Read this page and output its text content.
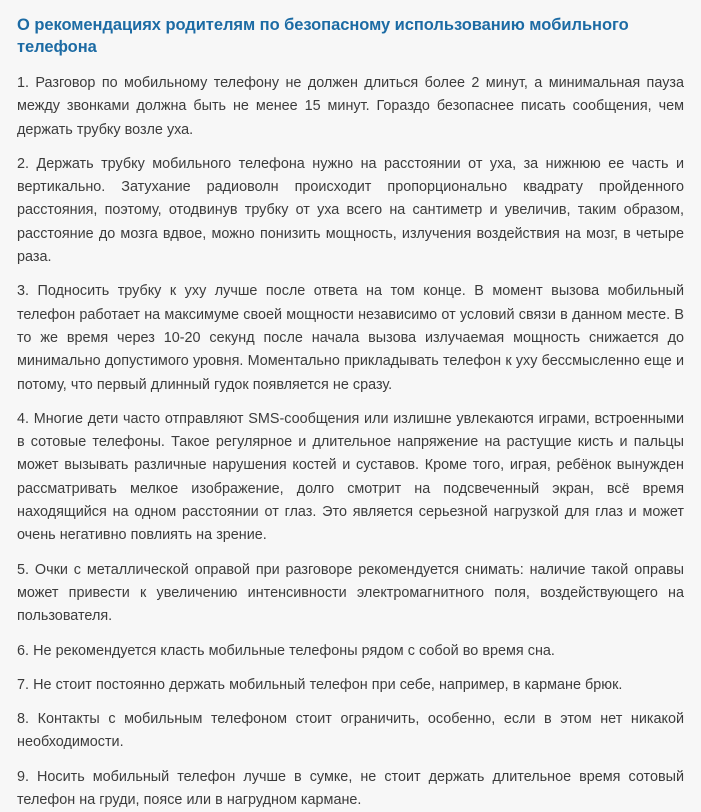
О рекомендациях родителям по безопасному использованию мобильного телефона

1. Разговор по мобильному телефону не должен длиться более 2 минут, а минимальная пауза между звонками должна быть не менее 15 минут. Гораздо безопаснее писать сообщения, чем держать трубку возле уха.

2. Держать трубку мобильного телефона нужно на расстоянии от уха, за нижнюю ее часть и вертикально. Затухание радиоволн происходит пропорционально квадрату пройденного расстояния, поэтому, отодвинув трубку от уха всего на сантиметр и увеличив, таким образом, расстояние до мозга вдвое, можно понизить мощность, излучения воздействия на мозг, в четыре раза.

3. Подносить трубку к уху лучше после ответа на том конце. В момент вызова мобильный телефон работает на максимуме своей мощности независимо от условий связи в данном месте. В то же время через 10-20 секунд после начала вызова излучаемая мощность снижается до минимально допустимого уровня. Моментально прикладывать телефон к уху бессмысленно еще и потому, что первый длинный гудок появляется не сразу.

4. Многие дети часто отправляют SMS-сообщения или излишне увлекаются играми, встроенными в сотовые телефоны. Такое регулярное и длительное напряжение на растущие кисть и пальцы может вызывать различные нарушения костей и суставов. Кроме того, играя, ребёнок вынужден рассматривать мелкое изображение, долго смотрит на подсвеченный экран, всё время находящийся на одном расстоянии от глаз. Это является серьезной нагрузкой для глаз и может очень негативно повлиять на зрение.

5. Очки с металлической оправой при разговоре рекомендуется снимать: наличие такой оправы может привести к увеличению интенсивности электромагнитного поля, воздействующего на пользователя.

6. Не рекомендуется класть мобильные телефоны рядом с собой во время сна.

7. Не стоит постоянно держать мобильный телефон при себе, например, в кармане брюк.

8. Контакты с мобильным телефоном стоит ограничить, особенно, если в этом нет никакой необходимости.

9. Носить мобильный телефон лучше в сумке, не стоит держать длительное время сотовый телефон на груди, поясе или в нагрудном кармане.
